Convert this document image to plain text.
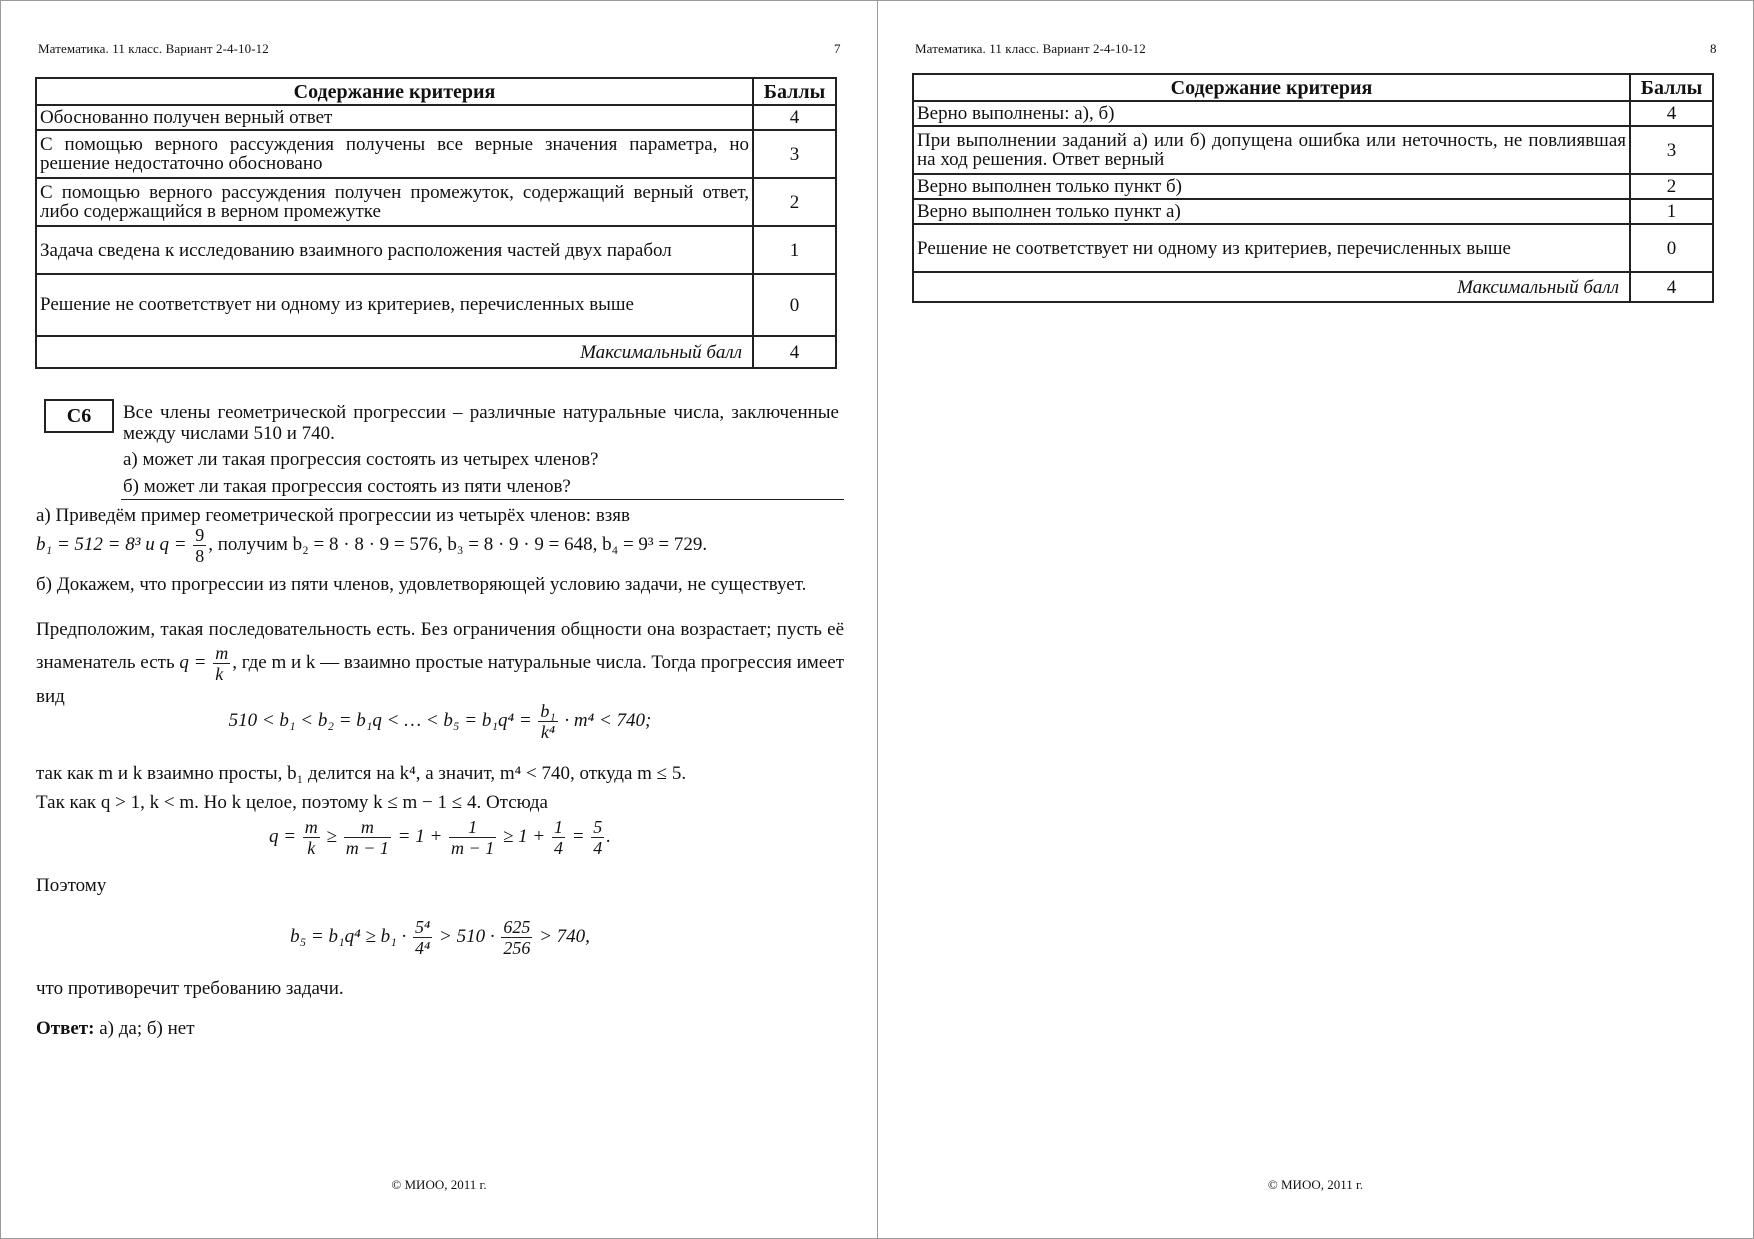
Математика. 11 класс. Вариант 2-4-10-12	7
Содержание критерия	Баллы
Обоснованно получен верный ответ	4
С помощью верного рассуждения получены все верные значения параметра, но решение недостаточно обосновано	3
С помощью верного рассуждения получен промежуток, содержащий верный ответ, либо содержащийся в верном промежутке	2
Задача сведена к исследованию взаимного расположения частей двух парабол	1
Решение не соответствует ни одному из критериев, перечисленных выше	0
Максимальный балл	4
С6	Все члены геометрической прогрессии – различные натуральные числа, заключенные между числами 510 и 740.
а) может ли такая прогрессия состоять из четырех членов?
б) может ли такая прогрессия состоять из пяти членов?
а) Приведём пример геометрической прогрессии из четырёх членов: взяв
b₁ = 512 = 8³ и $q = \frac{9}{8}$ , получим b₂ = 8 · 8 · 9 = 576, b₃ = 8 · 9 · 9 = 648, b₄ = 9³ = 729.
б) Докажем, что прогрессии из пяти членов, удовлетворяющей условию задачи, не существует.
Предположим, такая последовательность есть. Без ограничения общности она возрастает; пусть её знаменатель есть $q = \frac{m}{k}$ , где m и k — взаимно простые натуральные числа. Тогда прогрессия имеет вид
510 < b₁ < b₂ = b₁q < … < $b_5 = b_1q^4 = \frac{\text{b₁}}{\text{k⁴}} \cdot m^4 < 740$;
так как m и k взаимно просты, b₁ делится на k⁴, а значит, m⁴ < 740, откуда m ≤ 5.
Так как q > 1, k < m. Но k целое, поэтому k ≤ m − 1 ≤ 4. Отсюда
$q = \frac{m}{k} \ge \frac{m}{m - 1} = 1 + \frac{1}{m - 1} \ge 1 + \frac{1}{4} = \frac{5}{4}$ .
Поэтому
$b_5 = b_1q^4 \ge b_1 \cdot \frac{\text{5⁴}}{\text{4⁴}} > 510 \cdot \frac{625}{256} > 740$,
что противоречит требованию задачи.
Ответ: а) да; б) нет
© МИОО, 2011 г.
Математика. 11 класс. Вариант 2-4-10-12	8
Содержание критерия	Баллы
Верно выполнены: а), б)	4
При выполнении заданий а) или б) допущена ошибка или неточность, не повлиявшая на ход решения. Ответ верный	3
Верно выполнен только пункт б)	2
Верно выполнен только пункт а)	1
Решение не соответствует ни одному из критериев, перечисленных выше	0
Максимальный балл	4
© МИОО, 2011 г.
